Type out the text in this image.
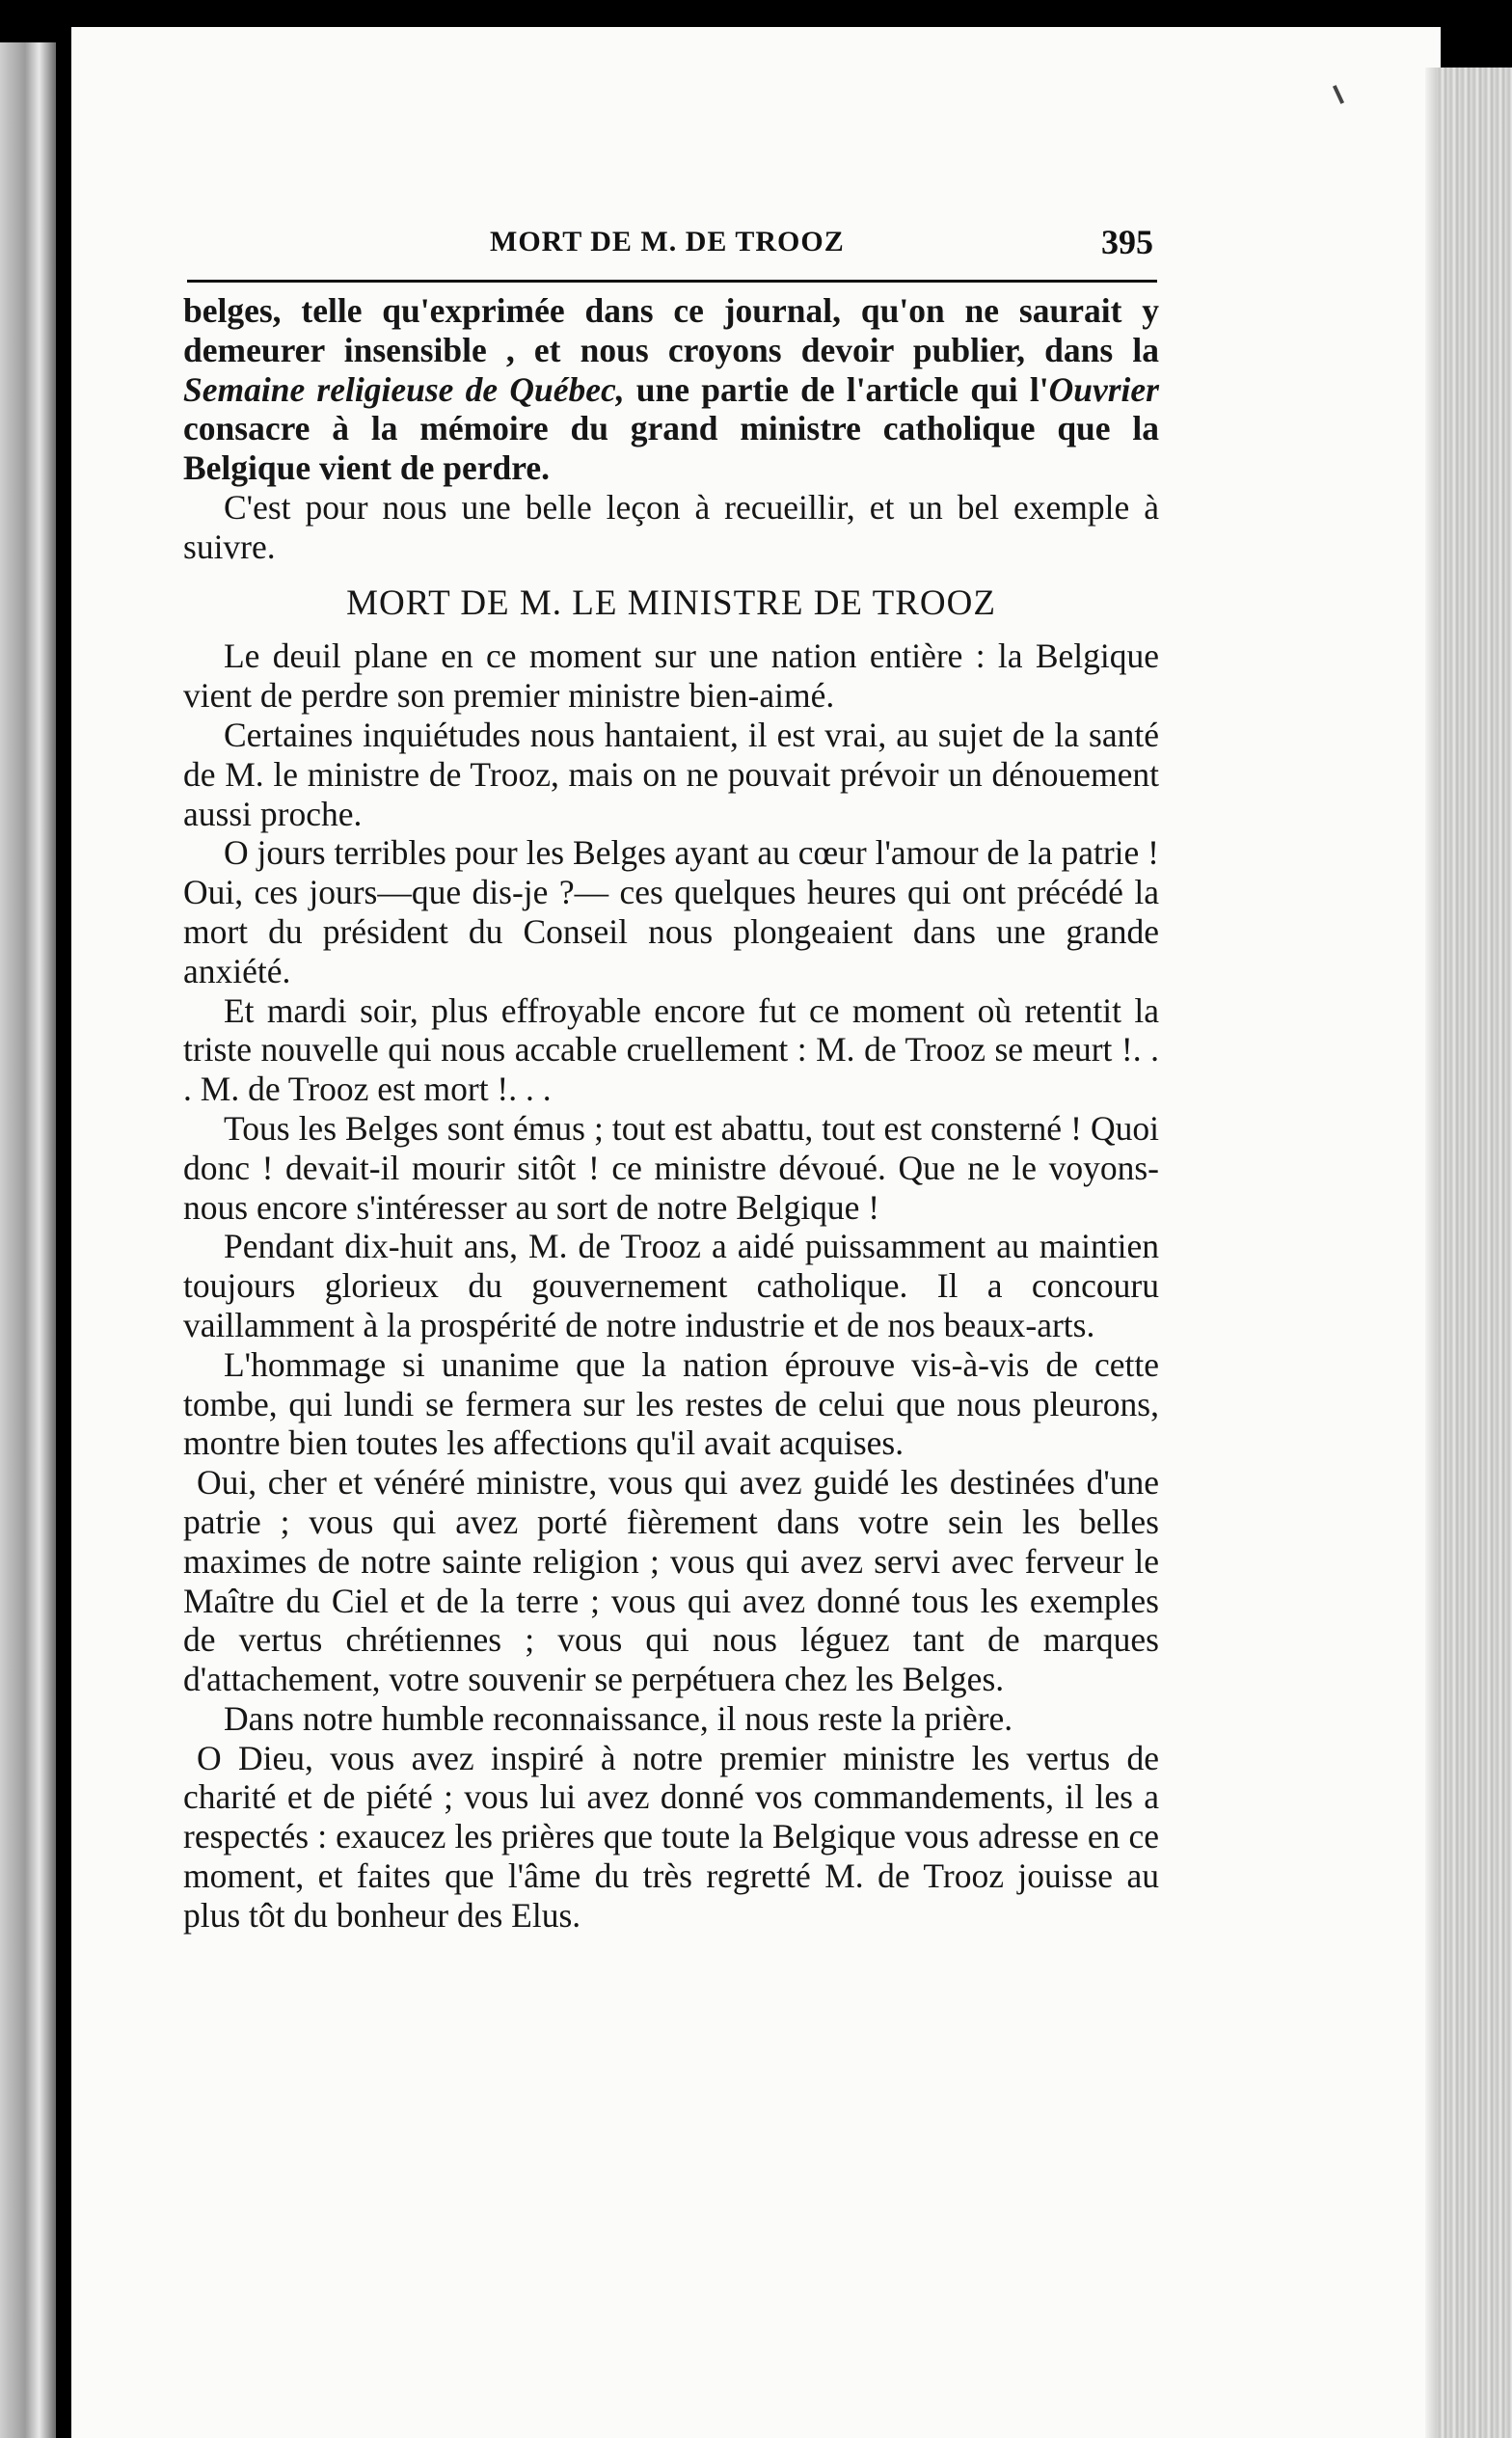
MORT DE M. DE TROOZ	395

belges, telle qu'exprimée dans ce journal, qu'on ne saurait y demeurer insensible , et nous croyons devoir publier, dans la Semaine religieuse de Québec, une partie de l'article qui l'Ouvrier consacre à la mémoire du grand ministre catholique que la Belgique vient de perdre.

C'est pour nous une belle leçon à recueillir, et un bel exemple à suivre.

MORT DE M. LE MINISTRE DE TROOZ

Le deuil plane en ce moment sur une nation entière : la Belgique vient de perdre son premier ministre bien-aimé.

Certaines inquiétudes nous hantaient, il est vrai, au sujet de la santé de M. le ministre de Trooz, mais on ne pouvait prévoir un dénouement aussi proche.

O jours terribles pour les Belges ayant au cœur l'amour de la patrie ! Oui, ces jours—que dis-je ?— ces quelques heures qui ont précédé la mort du président du Conseil nous plongeaient dans une grande anxiété.

Et mardi soir, plus effroyable encore fut ce moment où retentit la triste nouvelle qui nous accable cruellement : M. de Trooz se meurt !. . . M. de Trooz est mort !. . .

Tous les Belges sont émus ; tout est abattu, tout est consterné ! Quoi donc ! devait-il mourir sitôt ! ce ministre dévoué. Que ne le voyons-nous encore s'intéresser au sort de notre Belgique !

Pendant dix-huit ans, M. de Trooz a aidé puissamment au maintien toujours glorieux du gouvernement catholique. Il a concouru vaillamment à la prospérité de notre industrie et de nos beaux-arts.

L'hommage si unanime que la nation éprouve vis-à-vis de cette tombe, qui lundi se fermera sur les restes de celui que nous pleurons, montre bien toutes les affections qu'il avait acquises.

Oui, cher et vénéré ministre, vous qui avez guidé les destinées d'une patrie ; vous qui avez porté fièrement dans votre sein les belles maximes de notre sainte religion ; vous qui avez servi avec ferveur le Maître du Ciel et de la terre ; vous qui avez donné tous les exemples de vertus chrétiennes ; vous qui nous léguez tant de marques d'attachement, votre souvenir se perpétuera chez les Belges.

Dans notre humble reconnaissance, il nous reste la prière.

O Dieu, vous avez inspiré à notre premier ministre les vertus de charité et de piété ; vous lui avez donné vos commandements, il les a respectés : exaucez les prières que toute la Belgique vous adresse en ce moment, et faites que l'âme du très regretté M. de Trooz jouisse au plus tôt du bonheur des Elus.
